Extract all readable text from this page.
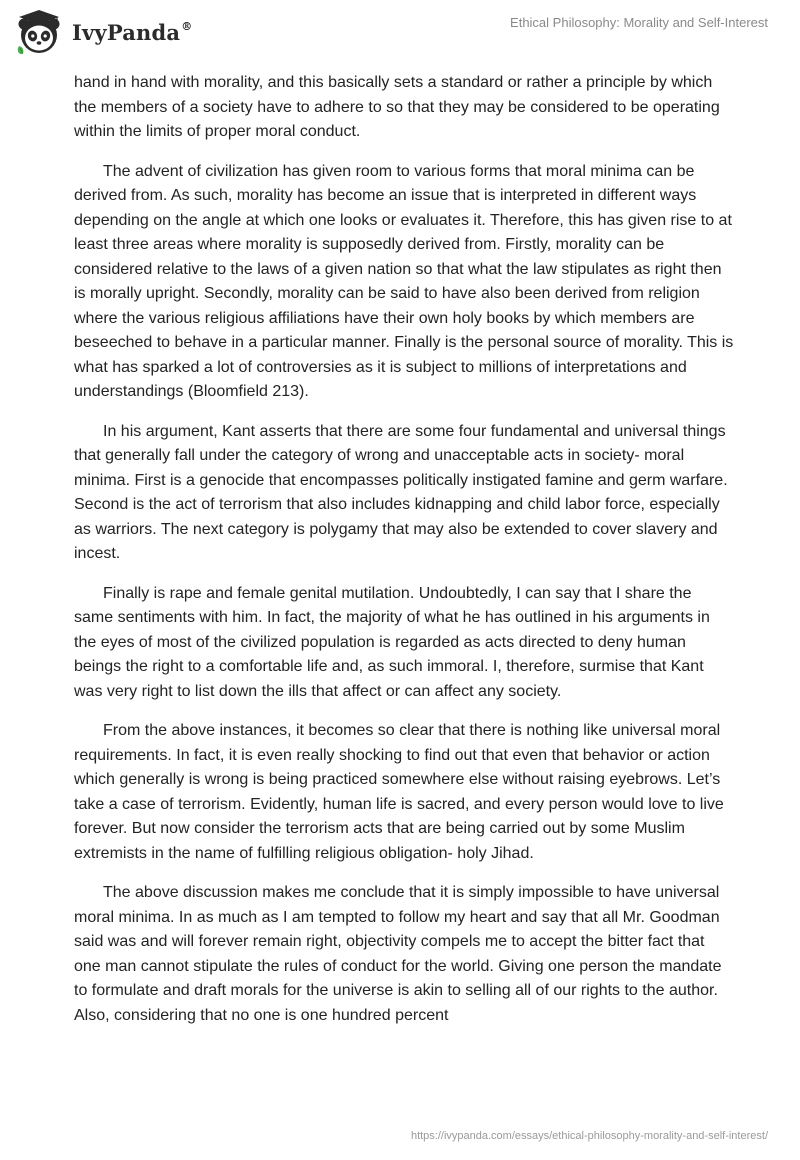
IvyPanda®	Ethical Philosophy: Morality and Self-Interest

hand in hand with morality, and this basically sets a standard or rather a principle by which the members of a society have to adhere to so that they may be considered to be operating within the limits of proper moral conduct.

The advent of civilization has given room to various forms that moral minima can be derived from. As such, morality has become an issue that is interpreted in different ways depending on the angle at which one looks or evaluates it. Therefore, this has given rise to at least three areas where morality is supposedly derived from. Firstly, morality can be considered relative to the laws of a given nation so that what the law stipulates as right then is morally upright. Secondly, morality can be said to have also been derived from religion where the various religious affiliations have their own holy books by which members are beseeched to behave in a particular manner. Finally is the personal source of morality. This is what has sparked a lot of controversies as it is subject to millions of interpretations and understandings (Bloomfield 213).

In his argument, Kant asserts that there are some four fundamental and universal things that generally fall under the category of wrong and unacceptable acts in society- moral minima. First is a genocide that encompasses politically instigated famine and germ warfare. Second is the act of terrorism that also includes kidnapping and child labor force, especially as warriors. The next category is polygamy that may also be extended to cover slavery and incest.

Finally is rape and female genital mutilation. Undoubtedly, I can say that I share the same sentiments with him. In fact, the majority of what he has outlined in his arguments in the eyes of most of the civilized population is regarded as acts directed to deny human beings the right to a comfortable life and, as such immoral. I, therefore, surmise that Kant was very right to list down the ills that affect or can affect any society.

From the above instances, it becomes so clear that there is nothing like universal moral requirements. In fact, it is even really shocking to find out that even that behavior or action which generally is wrong is being practiced somewhere else without raising eyebrows. Let’s take a case of terrorism. Evidently, human life is sacred, and every person would love to live forever. But now consider the terrorism acts that are being carried out by some Muslim extremists in the name of fulfilling religious obligation- holy Jihad.

The above discussion makes me conclude that it is simply impossible to have universal moral minima. In as much as I am tempted to follow my heart and say that all Mr. Goodman said was and will forever remain right, objectivity compels me to accept the bitter fact that one man cannot stipulate the rules of conduct for the world. Giving one person the mandate to formulate and draft morals for the universe is akin to selling all of our rights to the author. Also, considering that no one is one hundred percent

https://ivypanda.com/essays/ethical-philosophy-morality-and-self-interest/
